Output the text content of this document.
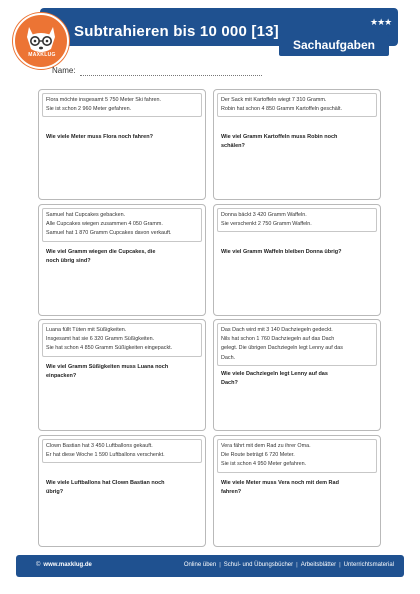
MAXKLUG
Subtrahieren bis 10 000 [13]
★★★
Sachaufgaben
Name:
Flora möchte insgesamt 5 750 Meter Ski fahren.
Sie ist schon 2 960 Meter gefahren.
Wie viele Meter muss Flora noch fahren?
Der Sack mit Kartoffeln wiegt 7 310 Gramm.
Robin hat schon 4 850 Gramm Kartoffeln geschält.
Wie viel Gramm Kartoffeln muss Robin noch
schälen?
Samuel hat Cupcakes gebacken.
Alle Cupcakes wiegen zusammen 4 050 Gramm.
Samuel hat 1 870 Gramm Cupcakes davon verkauft.
Wie viel Gramm wiegen die Cupcakes, die
noch übrig sind?
Donna bäckt 3 420 Gramm Waffeln.
Sie verschenkt 2 750 Gramm Waffeln.
Wie viel Gramm Waffeln bleiben Donna übrig?
Luana füllt Tüten mit Süßigkeiten.
Insgesamt hat sie 6 320 Gramm Süßigkeiten.
Sie hat schon 4 850 Gramm Süßigkeiten eingepackt.
Wie viel Gramm Süßigkeiten muss Luana noch
einpacken?
Das Dach wird mit 3 140 Dachziegeln gedeckt.
Nils hat schon 1 760 Dachziegeln auf das Dach
gelegt. Die übrigen Dachziegeln legt Lenny auf das
Dach.
Wie viele Dachziegeln legt Lenny auf das
Dach?
Clown Bastian hat 3 450 Luftballons gekauft.
Er hat diese Woche 1 590 Luftballons verschenkt.
Wie viele Luftballons hat Clown Bastian noch
übrig?
Vera fährt mit dem Rad zu ihrer Oma.
Die Route beträgt 6 720 Meter.
Sie ist schon 4 950 Meter gefahren.
Wie viele Meter muss Vera noch mit dem Rad
fahren?
© www.maxklug.de	Online üben | Schul- und Übungsbücher | Arbeitsblätter | Unterrichtsmaterial
